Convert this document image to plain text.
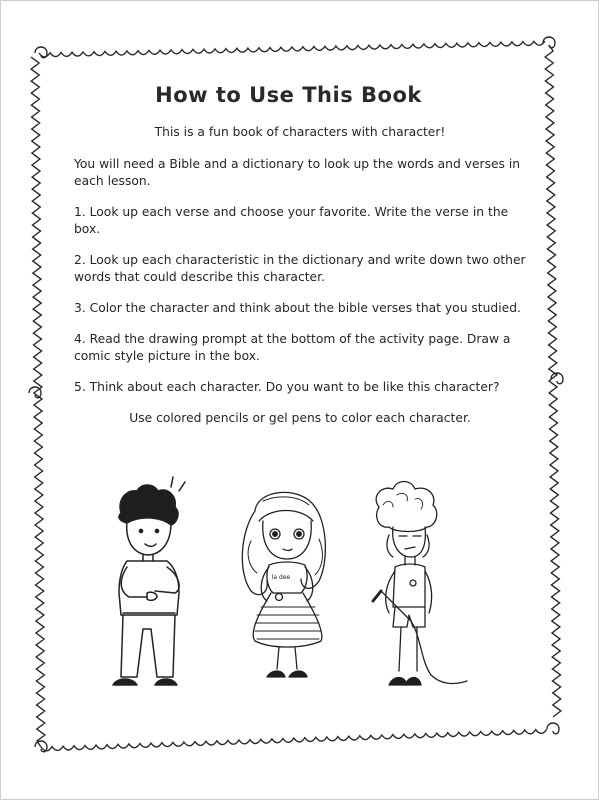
How to Use This Book

This is a fun book of characters with character!

You will need a Bible and a dictionary to look up the words and verses in each lesson.

1. Look up each verse and choose your favorite. Write the verse in the box.

2. Look up each characteristic in the dictionary and write down two other words that could describe this character.

3. Color the character and think about the bible verses that you studied.

4. Read the drawing prompt at the bottom of the activity page. Draw a comic style picture in the box.

5. Think about each character. Do you want to be like this character?

Use colored pencils or gel pens to color each character.

la dee
